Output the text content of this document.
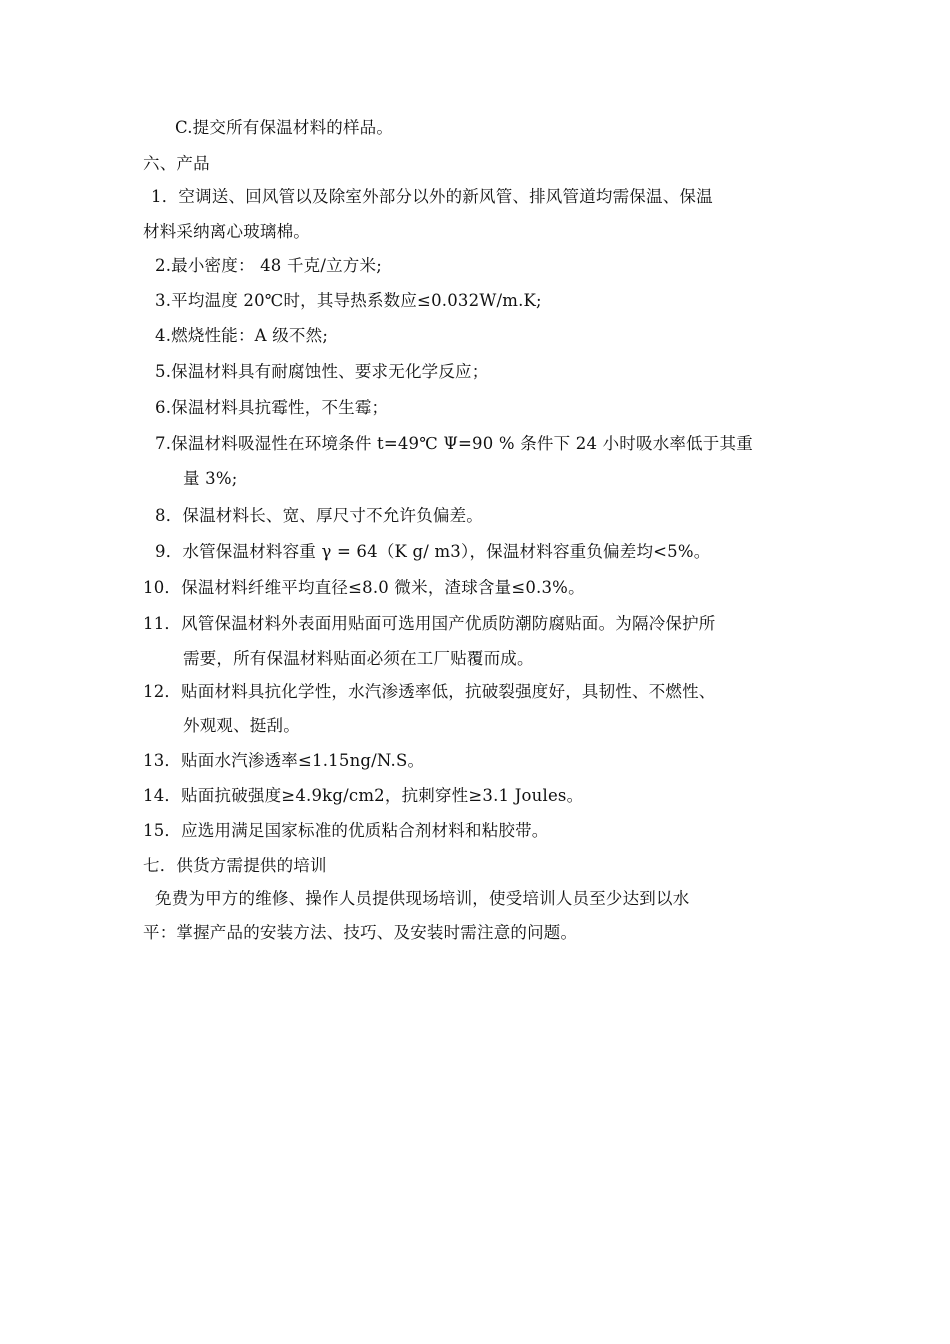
C.提交所有保温材料的样品。
六、产品
1．空调送、回风管以及除室外部分以外的新风管、排风管道均需保温、保温
材料采纳离心玻璃棉。
2.最小密度： 48 千克/立方米;
3.平均温度 20℃时，其导热系数应≤0.032W/m.K;
4.燃烧性能：A 级不然;
5.保温材料具有耐腐蚀性、要求无化学反应；
6.保温材料具抗霉性，不生霉；
7.保温材料吸湿性在环境条件 t=49℃ Ψ=90 % 条件下 24 小时吸水率低于其重
量 3%;
8．保温材料长、宽、厚尺寸不允许负偏差。
9．水管保温材料容重 γ = 64（K g/ m3），保温材料容重负偏差均<5%。
10．保温材料纤维平均直径≤8.0 微米，渣球含量≤0.3%。
11．风管保温材料外表面用贴面可选用国产优质防潮防腐贴面。为隔冷保护所
需要，所有保温材料贴面必须在工厂贴覆而成。
12．贴面材料具抗化学性，水汽渗透率低，抗破裂强度好，具韧性、不燃性、
外观观、挺刮。
13．贴面水汽渗透率≤1.15ng/N.S。
14．贴面抗破强度≥4.9kg/cm2，抗刺穿性≥3.1 Joules。
15．应选用满足国家标准的优质粘合剂材料和粘胶带。
七．供货方需提供的培训
免费为甲方的维修、操作人员提供现场培训，使受培训人员至少达到以水
平：掌握产品的安装方法、技巧、及安装时需注意的问题。
